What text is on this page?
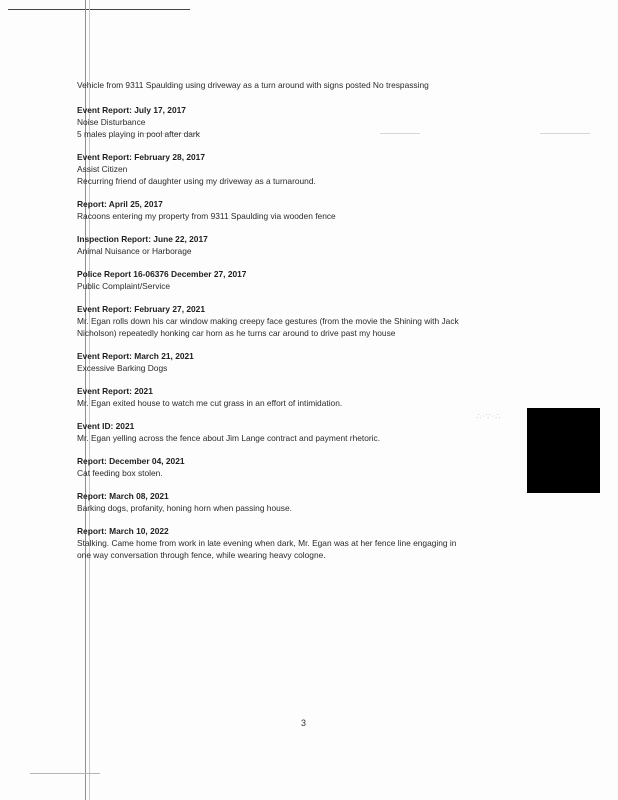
∴·∵·∴
Vehicle from 9311 Spaulding using driveway as a turn around with signs posted No trespassing
Event Report: July 17, 2017
Noise Disturbance
5 males playing in pool after dark
Event Report: February 28, 2017
Assist Citizen
Recurring friend of daughter using my driveway as a turnaround.
Report: April 25, 2017
Racoons entering my property from 9311 Spaulding via wooden fence
Inspection Report: June 22, 2017
Animal Nuisance or Harborage
Police Report 16-06376 December 27, 2017
Public Complaint/Service
Event Report: February 27, 2021
Mr. Egan rolls down his car window making creepy face gestures (from the movie the Shining with Jack
Nicholson) repeatedly honking car horn as he turns car around to drive past my house
Event Report: March 21, 2021
Excessive Barking Dogs
Event Report: 2021
Mr. Egan exited house to watch me cut grass in an effort of intimidation.
Event ID: 2021
Mr. Egan yelling across the fence about Jim Lange contract and payment rhetoric.
Report: December 04, 2021
Cat feeding box stolen.
Report: March 08, 2021
Barking dogs, profanity, honing horn when passing house.
Report: March 10, 2022
Stalking. Came home from work in late evening when dark, Mr. Egan was at her fence line engaging in
one way conversation through fence, while wearing heavy cologne.
3
